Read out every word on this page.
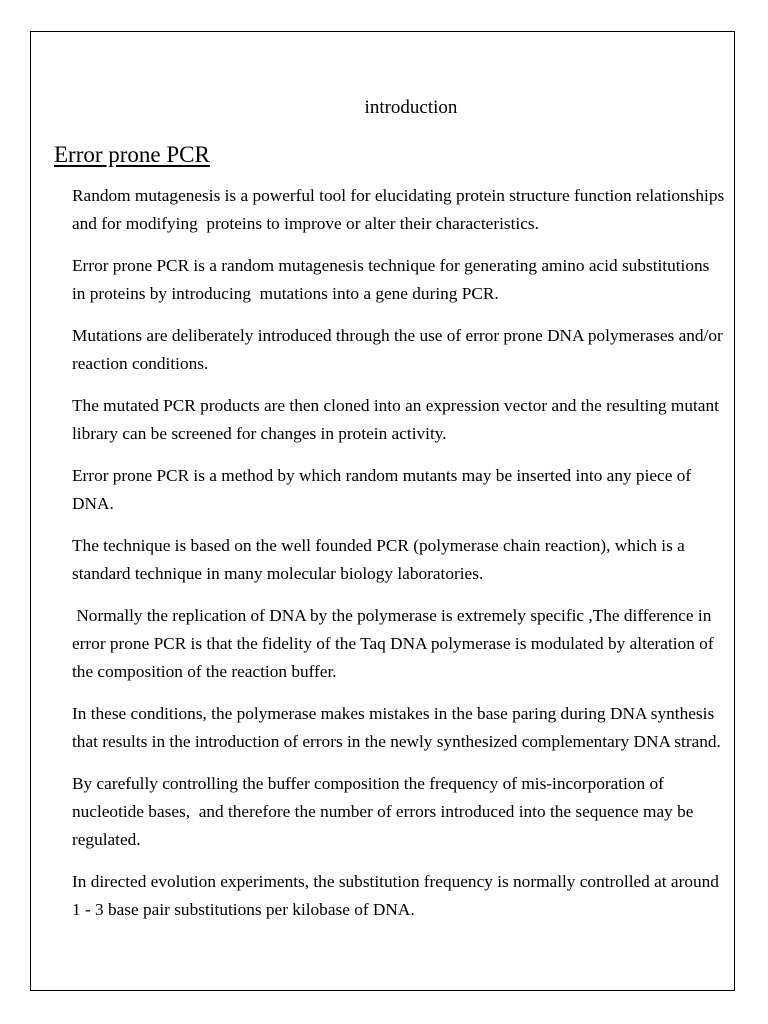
introduction
Error prone PCR

Random mutagenesis is a powerful tool for elucidating protein structure function relationships and for modifying  proteins to improve or alter their characteristics.

Error prone PCR is a random mutagenesis technique for generating amino acid substitutions in proteins by introducing  mutations into a gene during PCR.

Mutations are deliberately introduced through the use of error prone DNA polymerases and/or reaction conditions.

The mutated PCR products are then cloned into an expression vector and the resulting mutant library can be screened for changes in protein activity.

Error prone PCR is a method by which random mutants may be inserted into any piece of DNA.

The technique is based on the well founded PCR (polymerase chain reaction), which is a standard technique in many molecular biology laboratories.

Normally the replication of DNA by the polymerase is extremely specific ,The difference in error prone PCR is that the fidelity of the Taq DNA polymerase is modulated by alteration of the composition of the reaction buffer.

In these conditions, the polymerase makes mistakes in the base paring during DNA synthesis that results in the introduction of errors in the newly synthesized complementary DNA strand.

By carefully controlling the buffer composition the frequency of mis-incorporation of nucleotide bases,  and therefore the number of errors introduced into the sequence may be regulated.

In directed evolution experiments, the substitution frequency is normally controlled at around 1 - 3 base pair substitutions per kilobase of DNA.
